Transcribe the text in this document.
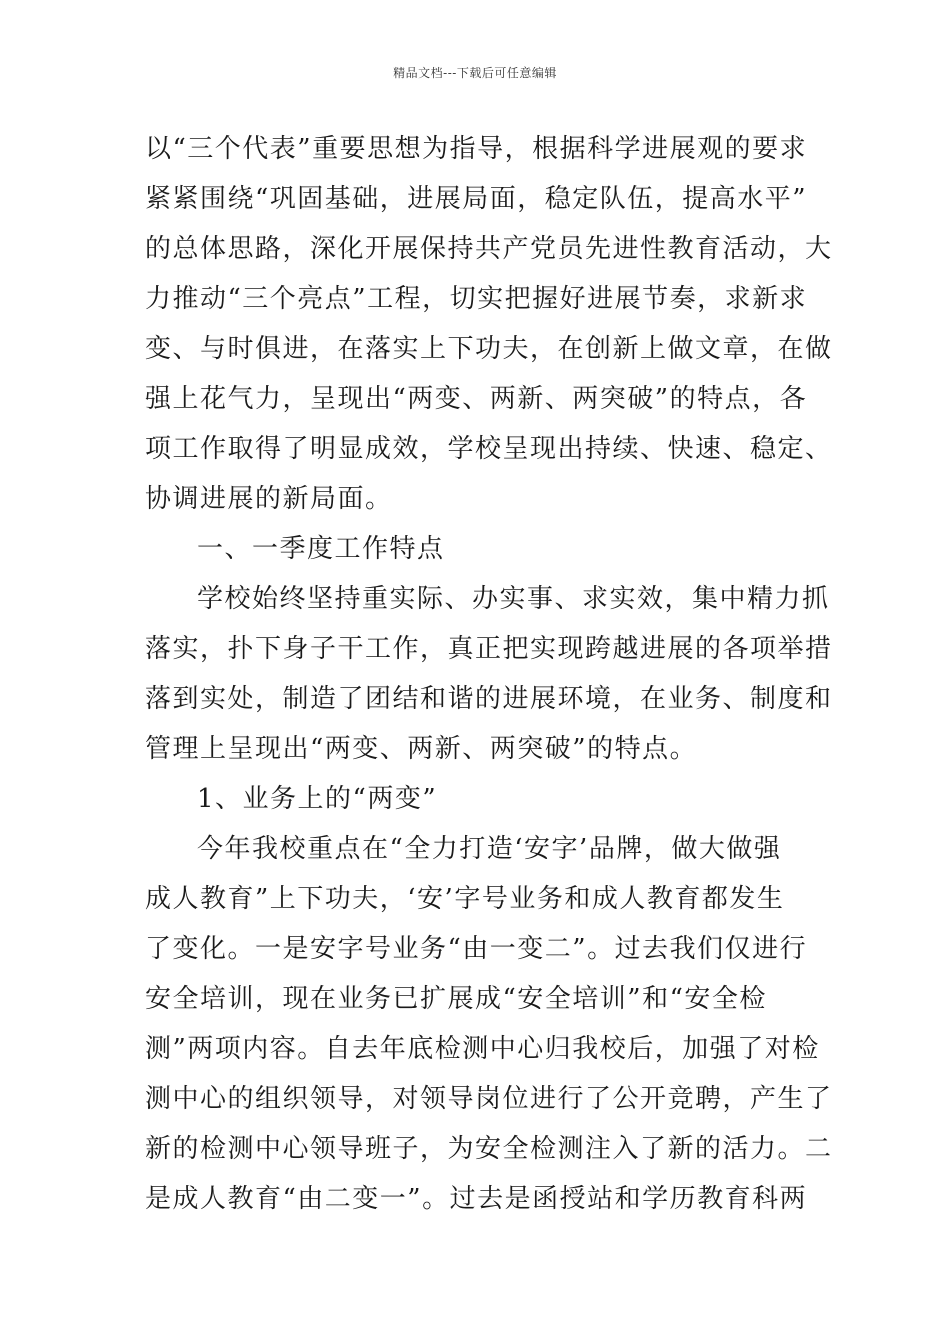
精品文档---下载后可任意编辑
以“三个代表”重要思想为指导，根据科学进展观的要求
紧紧围绕“巩固基础，进展局面，稳定队伍，提高水平”
的总体思路，深化开展保持共产党员先进性教育活动，大
力推动“三个亮点”工程，切实把握好进展节奏，求新求
变、与时俱进，在落实上下功夫，在创新上做文章，在做
强上花气力，呈现出“两变、两新、两突破”的特点，各
项工作取得了明显成效，学校呈现出持续、快速、稳定、
协调进展的新局面。
一、一季度工作特点
学校始终坚持重实际、办实事、求实效，集中精力抓
落实，扑下身子干工作，真正把实现跨越进展的各项举措
落到实处，制造了团结和谐的进展环境，在业务、制度和
管理上呈现出“两变、两新、两突破”的特点。
1、业务上的“两变”
今年我校重点在“全力打造‘安字’品牌，做大做强
成人教育”上下功夫，‘安’字号业务和成人教育都发生
了变化。一是安字号业务“由一变二”。过去我们仅进行
安全培训，现在业务已扩展成“安全培训”和“安全检
测”两项内容。自去年底检测中心归我校后，加强了对检
测中心的组织领导，对领导岗位进行了公开竞聘，产生了
新的检测中心领导班子，为安全检测注入了新的活力。二
是成人教育“由二变一”。过去是函授站和学历教育科两
